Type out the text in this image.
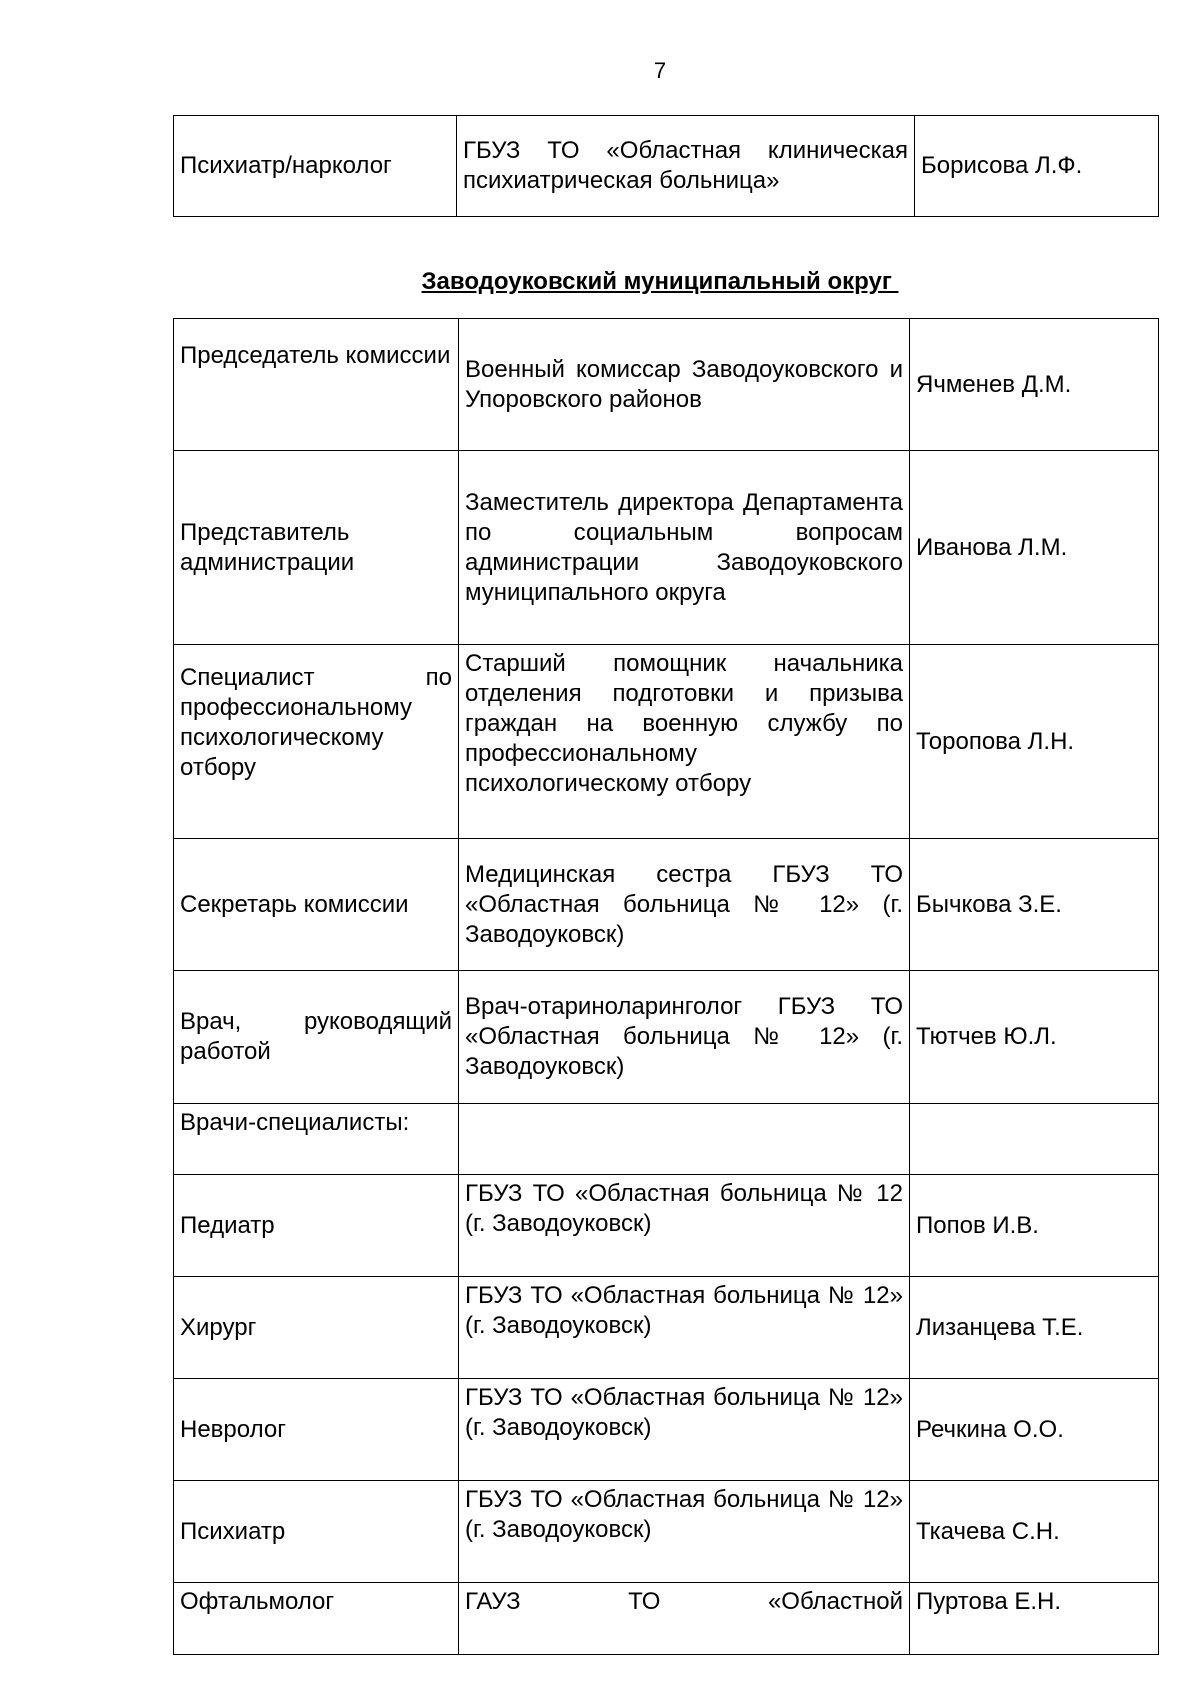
7
Психиатр/нарколог	ГБУЗ ТО «Областная клиническая психиатрическая больница»	Борисова Л.Ф.
Заводоуковский муниципальный округ
Председатель комиссии	Военный комиссар Заводоуковского и Упоровского районов	Ячменев Д.М.
Представитель администрации	Заместитель директора Департамента по социальным вопросам администрации Заводоуковского муниципального округа	Иванова Л.М.
Специалист по профессиональному психологическому отбору	Старший помощник начальника отделения подготовки и призыва граждан на военную службу по профессиональному психологическому отбору	Торопова Л.Н.
Секретарь комиссии	Медицинская сестра ГБУЗ ТО «Областная больница № 12» (г. Заводоуковск)	Бычкова З.Е.
Врач, руководящий работой	Врач-отариноларинголог ГБУЗ ТО «Областная больница № 12» (г. Заводоуковск)	Тютчев Ю.Л.
Врачи-специалисты:		
Педиатр	ГБУЗ ТО «Областная больница № 12 (г. Заводоуковск)	Попов И.В.
Хирург	ГБУЗ ТО «Областная больница № 12» (г. Заводоуковск)	Лизанцева Т.Е.
Невролог	ГБУЗ ТО «Областная больница № 12» (г. Заводоуковск)	Речкина О.О.
Психиатр	ГБУЗ ТО «Областная больница № 12» (г. Заводоуковск)	Ткачева С.Н.
Офтальмолог	ГАУЗ ТО «Областной	Пуртова Е.Н.
